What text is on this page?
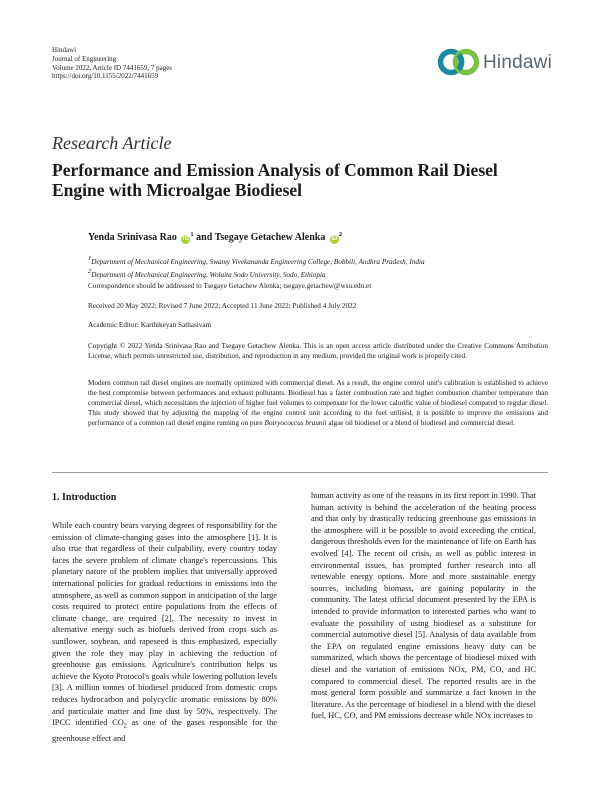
Hindawi
Journal of Engineering
Volume 2022, Article ID 7441659, 7 pages
https://doi.org/10.1155/2022/7441659
Hindawi
Research Article
Performance and Emission Analysis of Common Rail Diesel Engine with Microalgae Biodiesel
Yenda Srinivasa Rao $iD^1$ and Tsegaye Getachew Alenka $iD^2$
1Department of Mechanical Engineering, Swamy Vivekananda Engineering College, Bobbili, Andhra Pradesh, India
2Department of Mechanical Engineering, Wolaita Sodo University, Sodo, Ethiopia
Correspondence should be addressed to Tsegaye Getachew Alenka; tsegaye.getachew@wsu.edu.et
Received 20 May 2022; Revised 7 June 2022; Accepted 11 June 2022; Published 4 July 2022
Academic Editor: Karthikeyan Sathasivam
Copyright © 2022 Yenda Srinivasa Rao and Tsegaye Getachew Alenka. This is an open access article distributed under the Creative Commons Attribution License, which permits unrestricted use, distribution, and reproduction in any medium, provided the original work is properly cited.
Modern common rail diesel engines are normally optimized with commercial diesel. As a result, the engine control unit's calibration is established to achieve the best compromise between performances and exhaust pollutants. Biodiesel has a faster combustion rate and higher combustion chamber temperature than commercial diesel, which necessitates the injection of higher fuel volumes to compensate for the lower calorific value of biodiesel compared to regular diesel. This study showed that by adjusting the mapping of the engine control unit according to the fuel utilised, it is possible to improve the emissions and performance of a common rail diesel engine running on pure Botryococcus braunii algae oil biodiesel or a blend of biodiesel and commercial diesel.
1. Introduction

While each country bears varying degrees of responsibility for the emission of climate-changing gases into the atmosphere [1]. It is also true that regardless of their culpability, every country today faces the severe problem of climate change's repercussions. This planetary nature of the problem implies that universally approved international policies for gradual reductions in emissions into the atmosphere, as well as common support in anticipation of the large costs required to protect entire populations from the effects of climate change, are required [2]. The necessity to invest in alternative energy such as biofuels derived from crops such as sunflower, soybean, and rapeseed is thus emphasized, especially given the role they may play in achieving the reduction of greenhouse gas emissions. Agriculture's contribution helps us achieve the Kyoto Protocol's goals while lowering pollution levels [3]. A million tonnes of biodiesel produced from domestic crops reduces hydrocarbon and polycyclic aromatic emissions by 80% and particulate matter and fine dust by 50%, respectively. The IPCC identified $CO_2$ as one of the gases responsible for the greenhouse effect and

human activity as one of the reasons in its first report in 1990. That human activity is behind the acceleration of the heating process and that only by drastically reducing greenhouse gas emissions in the atmosphere will it be possible to avoid exceeding the critical, dangerous thresholds even for the maintenance of life on Earth has evolved [4]. The recent oil crisis, as well as public interest in environmental issues, has prompted further research into all renewable energy options. More and more sustainable energy sources, including biomass, are gaining popularity in the community. The latest official document presented by the EPA is intended to provide information to interested parties who want to evaluate the possibility of using biodiesel as a substitute for commercial automotive diesel [5]. Analysis of data available from the EPA on regulated engine emissions heavy duty can be summarized, which shows the percentage of biodiesel mixed with diesel and the variation of emissions NOx, PM, CO, and HC compared to commercial diesel. The reported results are in the most general form possible and summarize a fact known in the literature. As the percentage of biodiesel in a blend with the diesel fuel, HC, CO, and PM emissions decrease while NOx increases to
